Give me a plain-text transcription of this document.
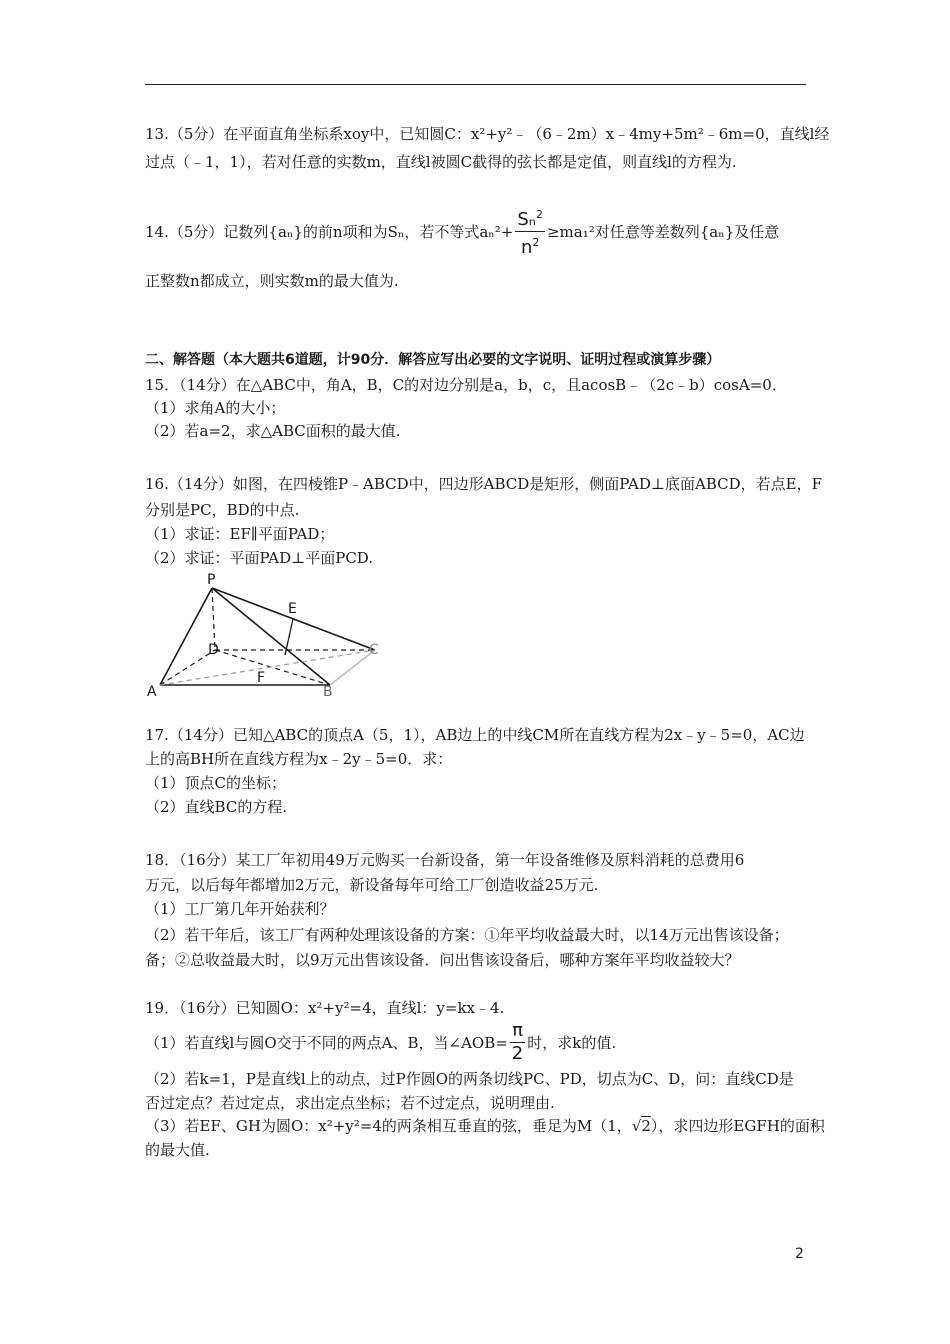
13.（5分）在平面直角坐标系xoy中，已知圆C：x²+y²﹣（6﹣2m）x﹣4my+5m²﹣6m=0，直线l经
过点（﹣1，1），若对任意的实数m，直线l被圆C截得的弦长都是定值，则直线l的方程为.
14.（5分）记数列{aₙ}的前n项和为Sₙ，若不等式$a_n^2+ \frac{S_n^2}{n^2} \ge ma_1^2$对任意等差数列{aₙ}及任意
正整数n都成立，则实数m的最大值为.
二、解答题（本大题共6道题，计90分．解答应写出必要的文字说明、证明过程或演算步骤）
15．（14分）在△ABC中，角A，B，C的对边分别是a，b，c，且acosB﹣（2c﹣b）cosA=0．
（1）求角A的大小；
（2）若a=2，求△ABC面积的最大值.
16.（14分）如图，在四棱锥P﹣ABCD中，四边形ABCD是矩形，侧面PAD⊥底面ABCD，若点E，F
分别是PC，BD的中点.
（1）求证：EF∥平面PAD；
（2）求证：平面PAD⊥平面PCD.
P
E
D	C
F
A	B
17.（14分）已知△ABC的顶点A（5，1），AB边上的中线CM所在直线方程为2x﹣y﹣5=0，AC边
上的高BH所在直线方程为x﹣2y﹣5=0．求：
（1）顶点C的坐标；
（2）直线BC的方程.
18．（16分）某工厂年初用49万元购买一台新设备，第一年设备维修及原料消耗的总费用6
万元，以后每年都增加2万元，新设备每年可给工厂创造收益25万元.
（1）工厂第几年开始获利？
（2）若干年后，该工厂有两种处理该设备的方案：①年平均收益最大时，以14万元出售该设备；
备；②总收益最大时，以9万元出售该设备．问出售该设备后，哪种方案年平均收益较大？
19．（16分）已知圆O：x²+y²=4，直线l：y=kx﹣4.
（1）若直线l与圆O交于不同的两点A、B，当∠AOB= $\frac{\pi}{2}$ 时，求k的值.
（2）若k=1，P是直线l上的动点，过P作圆O的两条切线PC、PD，切点为C、D，问：直线CD是
否过定点？若过定点，求出定点坐标；若不过定点，说明理由.
（3）若EF、GH为圆O：x²+y²=4的两条相互垂直的弦，垂足为M（1，√2），求四边形EGFH的面积
的最大值.
2
